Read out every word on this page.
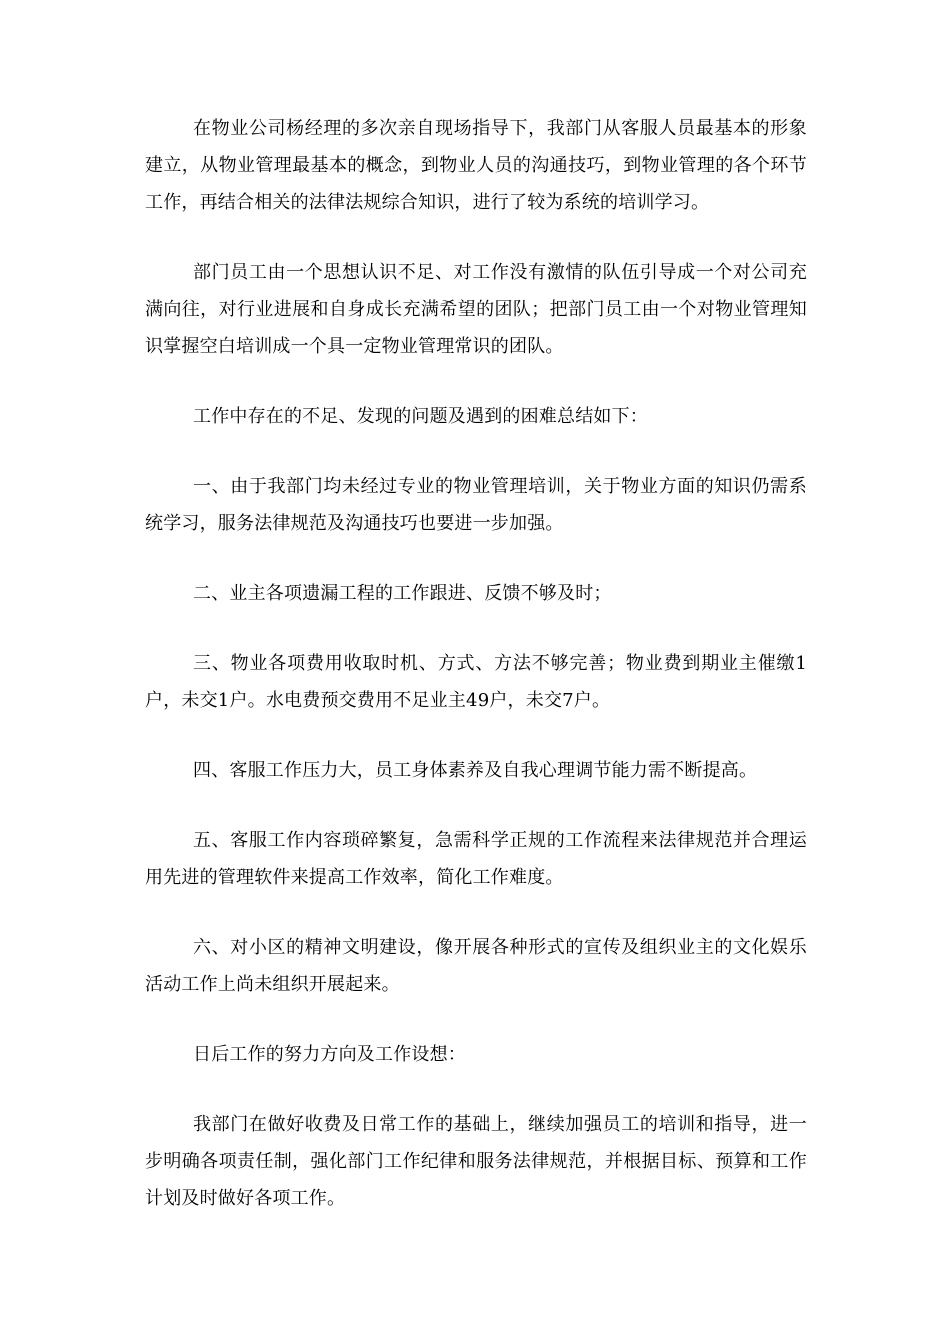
在物业公司杨经理的多次亲自现场指导下，我部门从客服人员最基本的形象建立，从物业管理最基本的概念，到物业人员的沟通技巧，到物业管理的各个环节工作，再结合相关的法律法规综合知识，进行了较为系统的培训学习。

部门员工由一个思想认识不足、对工作没有激情的队伍引导成一个对公司充满向往，对行业进展和自身成长充满希望的团队；把部门员工由一个对物业管理知识掌握空白培训成一个具一定物业管理常识的团队。

工作中存在的不足、发现的问题及遇到的困难总结如下：

一、由于我部门均未经过专业的物业管理培训，关于物业方面的知识仍需系统学习，服务法律规范及沟通技巧也要进一步加强。

二、业主各项遗漏工程的工作跟进、反馈不够及时；

三、物业各项费用收取时机、方式、方法不够完善；物业费到期业主催缴1户，未交1户。水电费预交费用不足业主49户，未交7户。

四、客服工作压力大，员工身体素养及自我心理调节能力需不断提高。

五、客服工作内容琐碎繁复，急需科学正规的工作流程来法律规范并合理运用先进的管理软件来提高工作效率，简化工作难度。

六、对小区的精神文明建设，像开展各种形式的宣传及组织业主的文化娱乐活动工作上尚未组织开展起来。

日后工作的努力方向及工作设想：

我部门在做好收费及日常工作的基础上，继续加强员工的培训和指导，进一步明确各项责任制，强化部门工作纪律和服务法律规范，并根据目标、预算和工作计划及时做好各项工作。
